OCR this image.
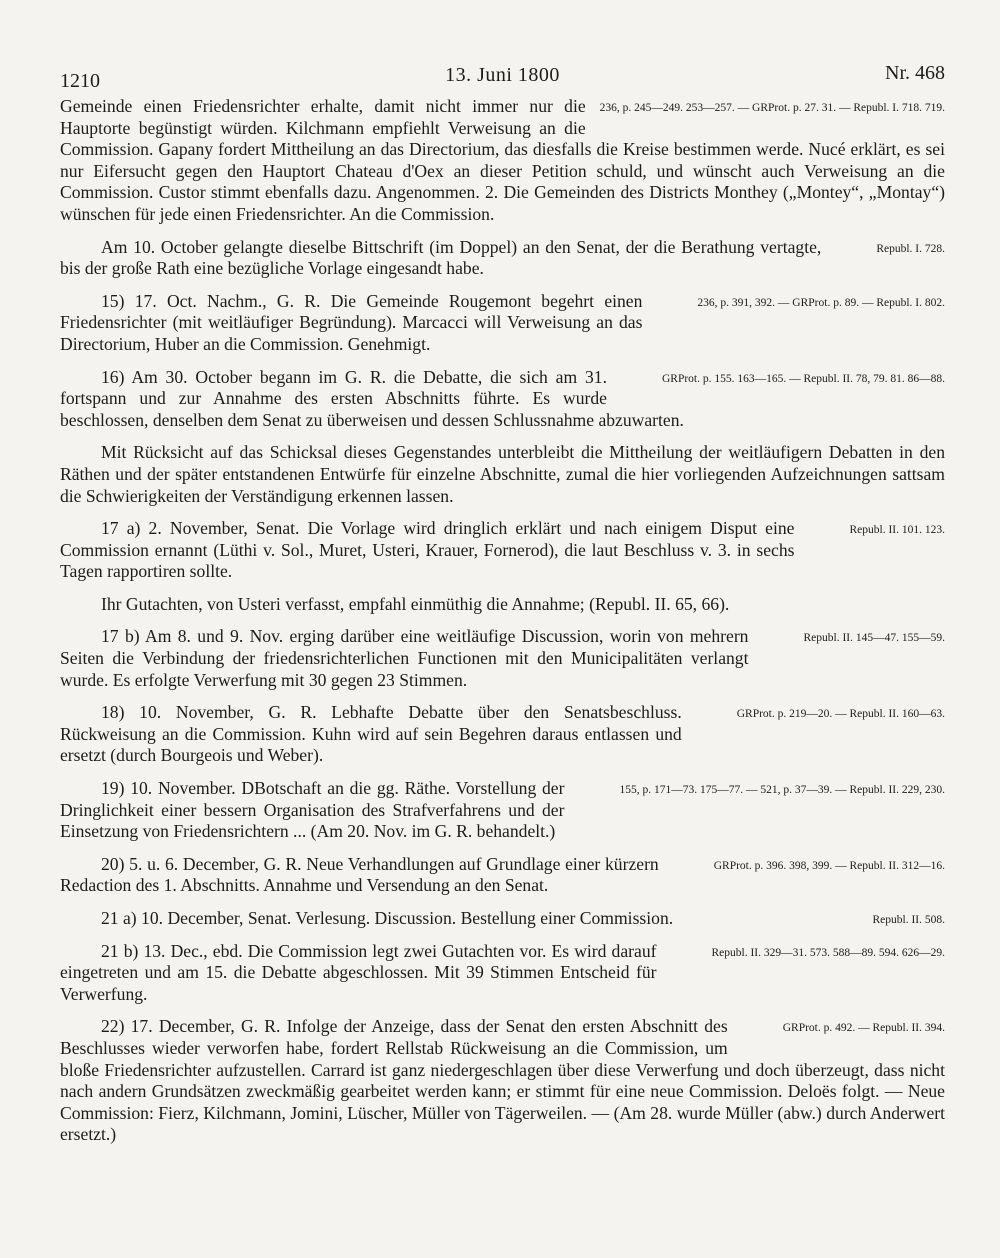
1210	13. Juni 1800	Nr. 468

236, p. 245—249. 253—257. — GRProt. p. 27. 31. — Republ. I. 718. 719.
Gemeinde einen Friedensrichter erhalte, damit nicht immer nur die Hauptorte begünstigt würden. Kilchmann empfiehlt Verweisung an die Commission. Gapany fordert Mittheilung an das Directorium, das diesfalls die Kreise bestimmen werde. Nucé erklärt, es sei nur Eifersucht gegen den Hauptort Chateau d'Oex an dieser Petition schuld, und wünscht auch Verweisung an die Commission. Custor stimmt ebenfalls dazu. Angenommen. 2. Die Gemeinden des Districts Monthey („Montey“, „Montay“) wünschen für jede einen Friedensrichter. An die Commission.

Republ. I. 728.
Am 10. October gelangte dieselbe Bittschrift (im Doppel) an den Senat, der die Berathung vertagte, bis der große Rath eine bezügliche Vorlage eingesandt habe.

236, p. 391, 392. — GRProt. p. 89. — Republ. I. 802.
15) 17. Oct. Nachm., G. R. Die Gemeinde Rougemont begehrt einen Friedensrichter (mit weitläufiger Begründung). Marcacci will Verweisung an das Directorium, Huber an die Commission. Genehmigt.

GRProt. p. 155. 163—165. — Republ. II. 78, 79. 81. 86—88.
16) Am 30. October begann im G. R. die Debatte, die sich am 31. fortspann und zur Annahme des ersten Abschnitts führte. Es wurde beschlossen, denselben dem Senat zu überweisen und dessen Schlussnahme abzuwarten.

Mit Rücksicht auf das Schicksal dieses Gegenstandes unterbleibt die Mittheilung der weitläufigern Debatten in den Räthen und der später entstandenen Entwürfe für einzelne Abschnitte, zumal die hier vorliegenden Aufzeichnungen sattsam die Schwierigkeiten der Verständigung erkennen lassen.

Republ. II. 101. 123.
17 a) 2. November, Senat. Die Vorlage wird dringlich erklärt und nach einigem Disput eine Commission ernannt (Lüthi v. Sol., Muret, Usteri, Krauer, Fornerod), die laut Beschluss v. 3. in sechs Tagen rapportiren sollte.

Ihr Gutachten, von Usteri verfasst, empfahl einmüthig die Annahme; (Republ. II. 65, 66).

Republ. II. 145—47. 155—59.
17 b) Am 8. und 9. Nov. erging darüber eine weitläufige Discussion, worin von mehrern Seiten die Verbindung der friedensrichterlichen Functionen mit den Municipalitäten verlangt wurde. Es erfolgte Verwerfung mit 30 gegen 23 Stimmen.

GRProt. p. 219—20. — Republ. II. 160—63.
18) 10. November, G. R. Lebhafte Debatte über den Senatsbeschluss. Rückweisung an die Commission. Kuhn wird auf sein Begehren daraus entlassen und ersetzt (durch Bourgeois und Weber).

155, p. 171—73. 175—77. — 521, p. 37—39. — Republ. II. 229, 230.
19) 10. November. DBotschaft an die gg. Räthe. Vorstellung der Dringlichkeit einer bessern Organisation des Strafverfahrens und der Einsetzung von Friedensrichtern ... (Am 20. Nov. im G. R. behandelt.)

GRProt. p. 396. 398, 399. — Republ. II. 312—16.
20) 5. u. 6. December, G. R. Neue Verhandlungen auf Grundlage einer kürzern Redaction des 1. Abschnitts. Annahme und Versendung an den Senat.

Republ. II. 508.
21 a) 10. December, Senat. Verlesung. Discussion. Bestellung einer Commission.

Republ. II. 329—31. 573. 588—89. 594. 626—29.
21 b) 13. Dec., ebd. Die Commission legt zwei Gutachten vor. Es wird darauf eingetreten und am 15. die Debatte abgeschlossen. Mit 39 Stimmen Entscheid für Verwerfung.

GRProt. p. 492. — Republ. II. 394.
22) 17. December, G. R. Infolge der Anzeige, dass der Senat den ersten Abschnitt des Beschlusses wieder verworfen habe, fordert Rellstab Rückweisung an die Commission, um bloße Friedensrichter aufzustellen. Carrard ist ganz niedergeschlagen über diese Verwerfung und doch überzeugt, dass nicht nach andern Grundsätzen zweckmäßig gearbeitet werden kann; er stimmt für eine neue Commission. Deloës folgt. — Neue Commission: Fierz, Kilchmann, Jomini, Lüscher, Müller von Tägerweilen. — (Am 28. wurde Müller (abw.) durch Anderwert ersetzt.)
